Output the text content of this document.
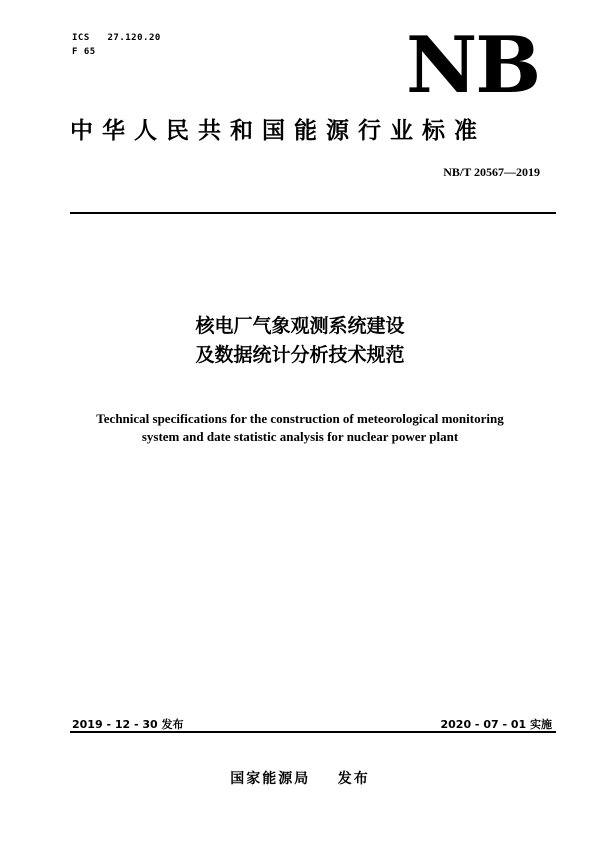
ICS   27.120.20
F 65	NB
中华人民共和国能源行业标准
NB/T 20567—2019
核电厂气象观测系统建设
及数据统计分析技术规范
Technical specifications for the construction of meteorological monitoring
system and date statistic analysis for nuclear power plant
2019 - 12 - 30 发布	2020 - 07 - 01 实施
国家能源局    发布
